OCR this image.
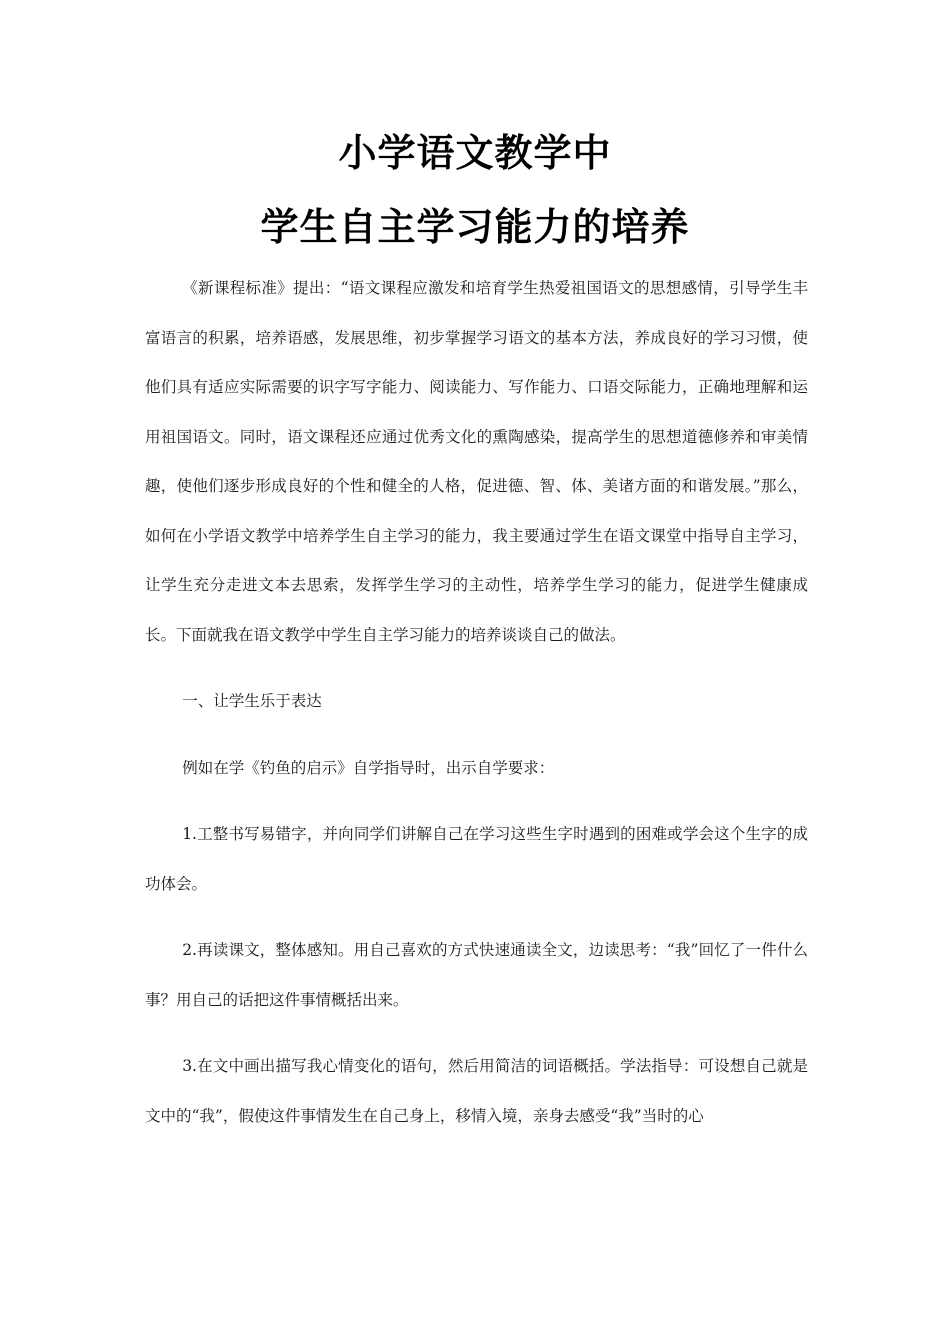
小学语文教学中
学生自主学习能力的培养

《新课程标准》提出：“语文课程应激发和培育学生热爱祖国语文的思想感情，引导学生丰富语言的积累，培养语感，发展思维，初步掌握学习语文的基本方法，养成良好的学习习惯，使他们具有适应实际需要的识字写字能力、阅读能力、写作能力、口语交际能力，正确地理解和运用祖国语文。同时，语文课程还应通过优秀文化的熏陶感染，提高学生的思想道德修养和审美情趣，使他们逐步形成良好的个性和健全的人格，促进德、智、体、美诸方面的和谐发展。”那么，如何在小学语文教学中培养学生自主学习的能力，我主要通过学生在语文课堂中指导自主学习，让学生充分走进文本去思索，发挥学生学习的主动性，培养学生学习的能力，促进学生健康成长。下面就我在语文教学中学生自主学习能力的培养谈谈自己的做法。

一、让学生乐于表达

例如在学《钓鱼的启示》自学指导时，出示自学要求：

1.工整书写易错字，并向同学们讲解自己在学习这些生字时遇到的困难或学会这个生字的成功体会。

2.再读课文，整体感知。用自己喜欢的方式快速通读全文，边读思考：“我”回忆了一件什么事？用自己的话把这件事情概括出来。

3.在文中画出描写我心情变化的语句，然后用简洁的词语概括。学法指导：可设想自己就是文中的“我”，假使这件事情发生在自己身上，移情入境，亲身去感受“我”当时的心
